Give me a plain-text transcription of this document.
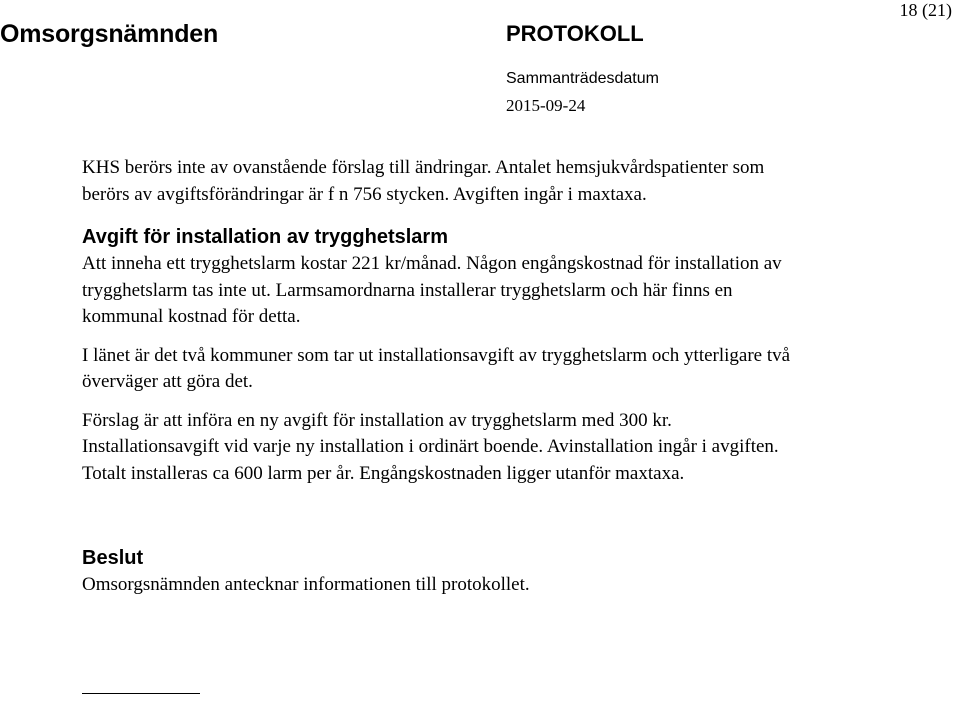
Omsorgsnämnden	PROTOKOLL
18 (21)
Sammanträdesdatum
2015-09-24

KHS berörs inte av ovanstående förslag till ändringar. Antalet hemsjukvårdspatienter som berörs av avgiftsförändringar är f n 756 stycken. Avgiften ingår i maxtaxa.

Avgift för installation av trygghetslarm

Att inneha ett trygghetslarm kostar 221 kr/månad. Någon engångskostnad för installation av trygghetslarm tas inte ut. Larmsamordnarna installerar trygghetslarm och här finns en kommunal kostnad för detta.

I länet är det två kommuner som tar ut installationsavgift av trygghetslarm och ytterligare två överväger att göra det.

Förslag är att införa en ny avgift för installation av trygghetslarm med 300 kr. Installationsavgift vid varje ny installation i ordinärt boende. Avinstallation ingår i avgiften. Totalt installeras ca 600 larm per år. Engångskostnaden ligger utanför maxtaxa.

Beslut

Omsorgsnämnden antecknar informationen till protokollet.
